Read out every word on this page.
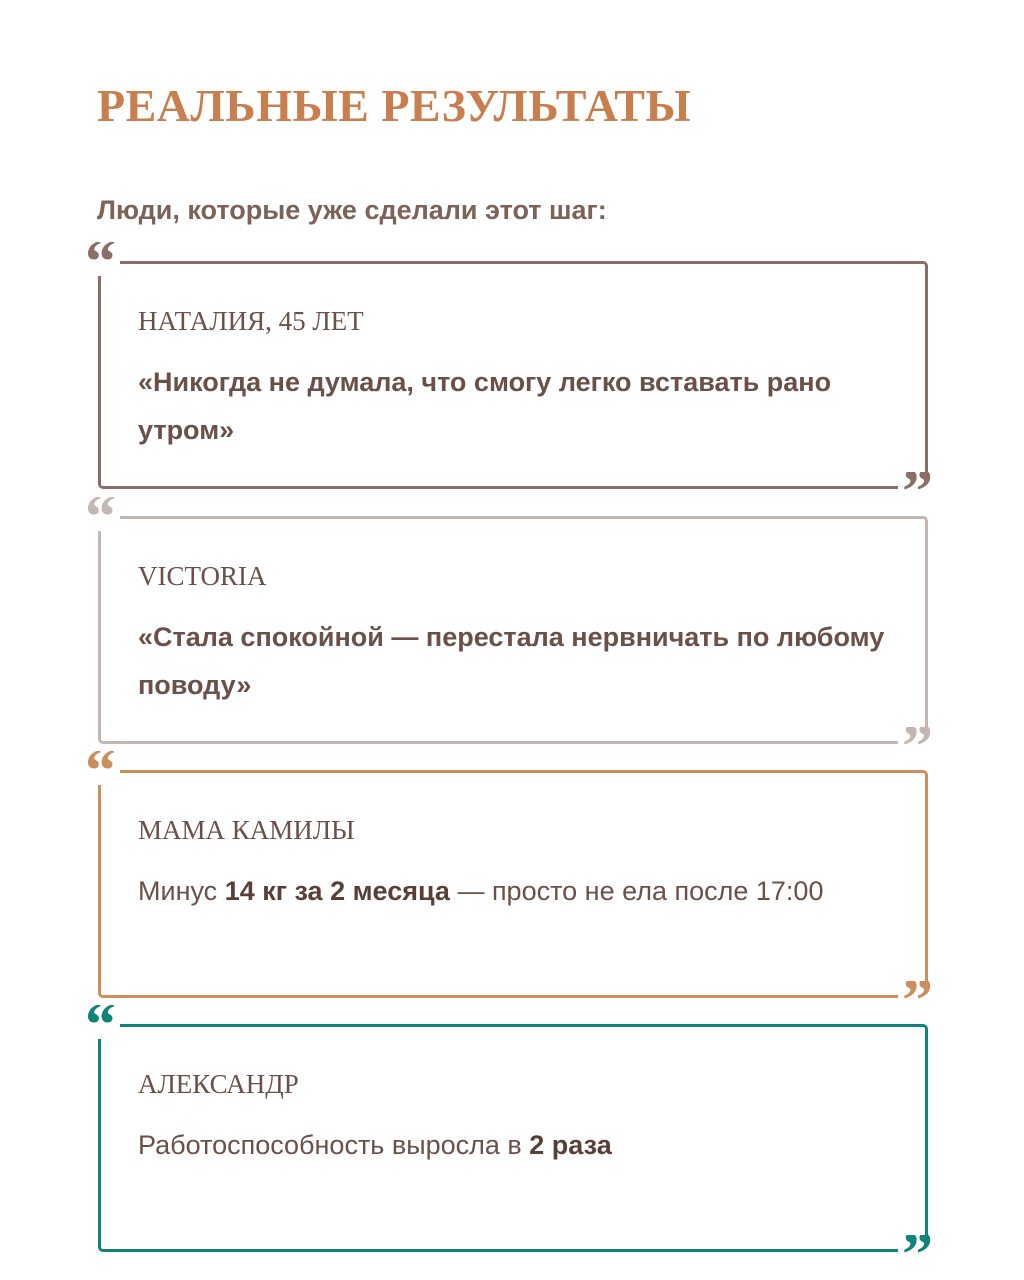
РЕАЛЬНЫЕ РЕЗУЛЬТАТЫ

Люди, которые уже сделали этот шаг:

“

НАТАЛИЯ, 45 ЛЕТ

«Никогда не думала, что смогу легко вставать рано утром»

”
“

VICTORIA

«Стала спокойной — перестала нервничать по любому поводу»

”
“

МАМА КАМИЛЫ

Минус 14 кг за 2 месяца — просто не ела после 17:00

”
“

АЛЕКСАНДР

Работоспособность выросла в 2 раза

”
